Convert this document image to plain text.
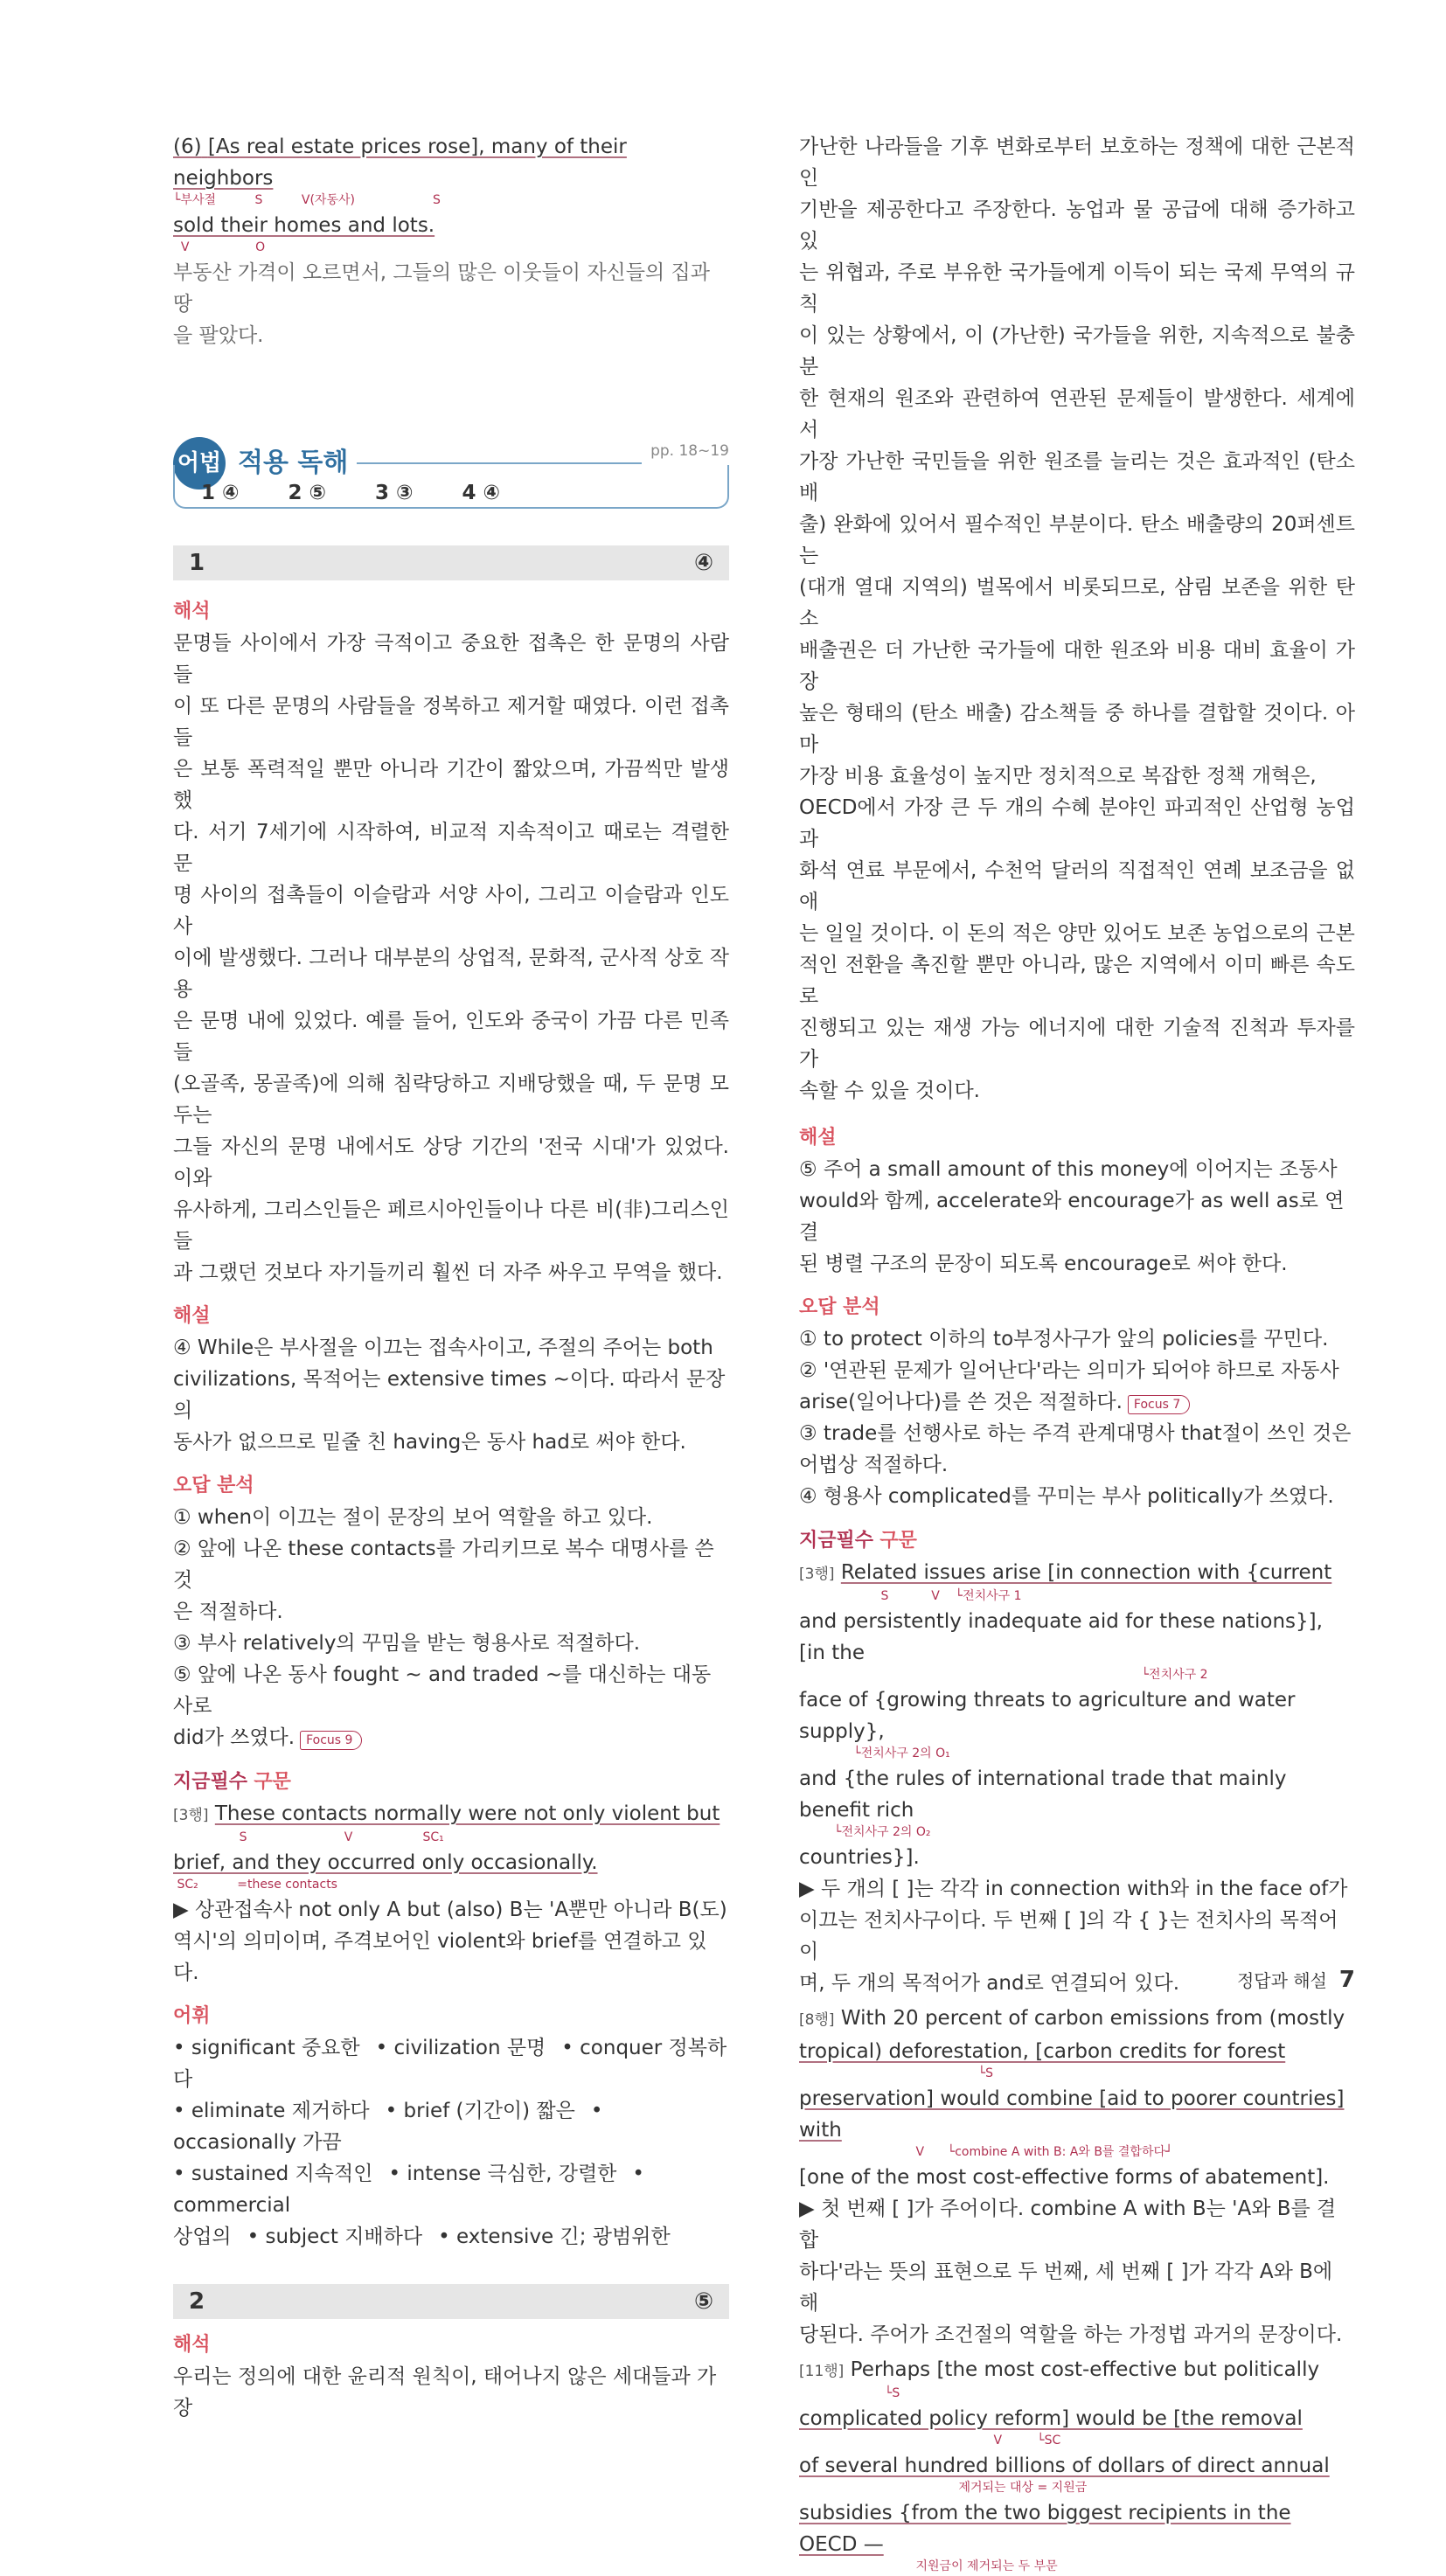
(6) [As real estate prices rose], many of their neighbors

└부사절          S          V(자동사)                    S

sold their homes and lots.

V                 O

부동산 가격이 오르면서, 그들의 많은 이웃들이 자신들의 집과 땅

을 팔았다.

어법 적용 독해	pp. 18~19
1 ④ 2 ⑤ 3 ③ 4 ④
1	④

해석

문명들 사이에서 가장 극적이고 중요한 접촉은 한 문명의 사람들

이 또 다른 문명의 사람들을 정복하고 제거할 때였다. 이런 접촉들

은 보통 폭력적일 뿐만 아니라 기간이 짧았으며, 가끔씩만 발생했

다. 서기 7세기에 시작하여, 비교적 지속적이고 때로는 격렬한 문

명 사이의 접촉들이 이슬람과 서양 사이, 그리고 이슬람과 인도 사

이에 발생했다. 그러나 대부분의 상업적, 문화적, 군사적 상호 작용

은 문명 내에 있었다. 예를 들어, 인도와 중국이 가끔 다른 민족들

(오골족, 몽골족)에 의해 침략당하고 지배당했을 때, 두 문명 모두는

그들 자신의 문명 내에서도 상당 기간의 '전국 시대'가 있었다. 이와

유사하게, 그리스인들은 페르시아인들이나 다른 비(非)그리스인들

과 그랬던 것보다 자기들끼리 훨씬 더 자주 싸우고 무역을 했다.

해설

④ While은 부사절을 이끄는 접속사이고, 주절의 주어는 both

civilizations, 목적어는 extensive times ~이다. 따라서 문장의

동사가 없으므로 밑줄 친 having은 동사 had로 써야 한다.

오답 분석

① when이 이끄는 절이 문장의 보어 역할을 하고 있다.

② 앞에 나온 these contacts를 가리키므로 복수 대명사를 쓴 것

은 적절하다.

③ 부사 relatively의 꾸밈을 받는 형용사로 적절하다.

⑤ 앞에 나온 동사 fought ~ and traded ~를 대신하는 대동사로

did가 쓰였다. Focus 9

지금필수 구문

[3행] These contacts normally were not only violent but

S                         V                  SC₁

brief, and they occurred only occasionally.

SC₂          =these contacts

▶ 상관접속사 not only A but (also) B는 'A뿐만 아니라 B(도)

역시'의 의미이며, 주격보어인 violent와 brief를 연결하고 있다.

어휘

• significant 중요한 • civilization 문명 • conquer 정복하다

• eliminate 제거하다 • brief (기간이) 짧은 • occasionally 가끔

• sustained 지속적인 • intense 극심한, 강렬한 • commercial

상업의 • subject 지배하다 • extensive 긴; 광범위한

2	⑤

해석

우리는 정의에 대한 윤리적 원칙이, 태어나지 않은 세대들과 가장

가난한 나라들을 기후 변화로부터 보호하는 정책에 대한 근본적인

기반을 제공한다고 주장한다. 농업과 물 공급에 대해 증가하고 있

는 위협과, 주로 부유한 국가들에게 이득이 되는 국제 무역의 규칙

이 있는 상황에서, 이 (가난한) 국가들을 위한, 지속적으로 불충분

한 현재의 원조와 관련하여 연관된 문제들이 발생한다. 세계에서

가장 가난한 국민들을 위한 원조를 늘리는 것은 효과적인 (탄소 배

출) 완화에 있어서 필수적인 부분이다. 탄소 배출량의 20퍼센트는

(대개 열대 지역의) 벌목에서 비롯되므로, 삼림 보존을 위한 탄소

배출권은 더 가난한 국가들에 대한 원조와 비용 대비 효율이 가장

높은 형태의 (탄소 배출) 감소책들 중 하나를 결합할 것이다. 아마

가장 비용 효율성이 높지만 정치적으로 복잡한 정책 개혁은,

OECD에서 가장 큰 두 개의 수혜 분야인 파괴적인 산업형 농업과

화석 연료 부문에서, 수천억 달러의 직접적인 연례 보조금을 없애

는 일일 것이다. 이 돈의 적은 양만 있어도 보존 농업으로의 근본

적인 전환을 촉진할 뿐만 아니라, 많은 지역에서 이미 빠른 속도로

진행되고 있는 재생 가능 에너지에 대한 기술적 진척과 투자를 가

속할 수 있을 것이다.

해설

⑤ 주어 a small amount of this money에 이어지는 조동사

would와 함께, accelerate와 encourage가 as well as로 연결

된 병렬 구조의 문장이 되도록 encourage로 써야 한다.

오답 분석

① to protect 이하의 to부정사구가 앞의 policies를 꾸민다.

② '연관된 문제가 일어난다'라는 의미가 되어야 하므로 자동사

arise(일어나다)를 쓴 것은 적절하다. Focus 7

③ trade를 선행사로 하는 주격 관계대명사 that절이 쓰인 것은

어법상 적절하다.

④ 형용사 complicated를 꾸미는 부사 politically가 쓰였다.

지금필수 구문

[3행] Related issues arise [in connection with {current

S           V    └전치사구 1

and persistently inadequate aid for these nations}], [in the

└전치사구 2

face of {growing threats to agriculture and water supply},

└전치사구 2의 O₁

and {the rules of international trade that mainly benefit rich

└전치사구 2의 O₂

countries}].

▶ 두 개의 [ ]는 각각 in connection with와 in the face of가

이끄는 전치사구이다. 두 번째 [ ]의 각 { }는 전치사의 목적어이

며, 두 개의 목적어가 and로 연결되어 있다.

[8행] With 20 percent of carbon emissions from (mostly

tropical) deforestation, [carbon credits for forest

└S

preservation] would combine [aid to poorer countries] with

V      └combine A with B: A와 B를 결합하다┘

[one of the most cost-effective forms of abatement].

▶ 첫 번째 [ ]가 주어이다. combine A with B는 'A와 B를 결합

하다'라는 뜻의 표현으로 두 번째, 세 번째 [ ]가 각각 A와 B에 해

당된다. 주어가 조건절의 역할을 하는 가정법 과거의 문장이다.

[11행] Perhaps [the most cost-effective but politically

└S

complicated policy reform] would be [the removal

V         └SC

of several hundred billions of dollars of direct annual

제거되는 대상 = 지원금

subsidies {from the two biggest recipients in the OECD —

지원금이 제거되는 두 부문
정답과 해설 7
